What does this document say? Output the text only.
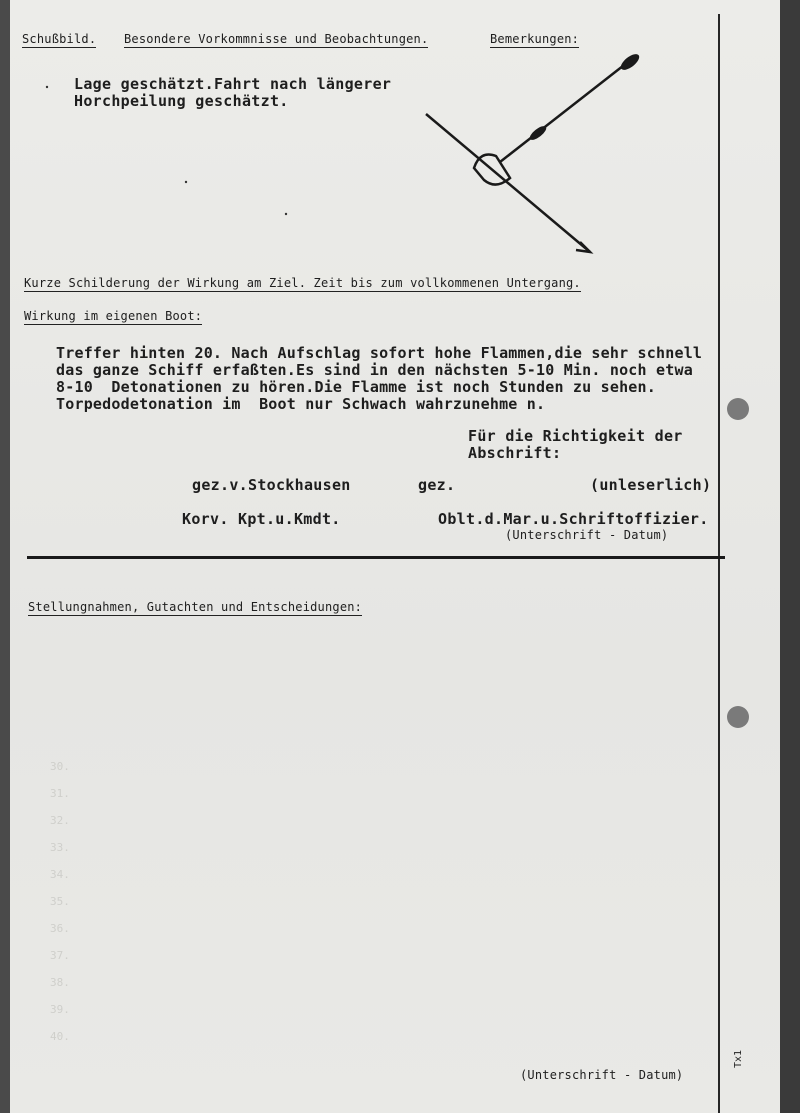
30.
31.
32.
33.
34.
35.
36.
37.
38.
39.
40.
Schußbild. Besondere Vorkommnisse und Beobachtungen.	Bemerkungen:
Lage geschätzt.Fahrt nach längerer
Horchpeilung geschätzt.
Kurze Schilderung der Wirkung am Ziel. Zeit bis zum vollkommenen Untergang.
Wirkung im eigenen Boot:
Treffer hinten 20. Nach Aufschlag sofort hohe Flammen,die sehr schnell
das ganze Schiff erfaßten.Es sind in den nächsten 5-10 Min. noch etwa
8-10  Detonationen zu hören.Die Flamme ist noch Stunden zu sehen.
Torpedodetonation im  Boot nur Schwach wahrzunehme n.
Für die Richtigkeit der
Abschrift:
gez.v.Stockhausen	gez.	(unleserlich)
Korv. Kpt.u.Kmdt.	Oblt.d.Mar.u.Schriftoffizier.
(Unterschrift - Datum)
Stellungnahmen, Gutachten und Entscheidungen:
(Unterschrift - Datum)
Tx1
